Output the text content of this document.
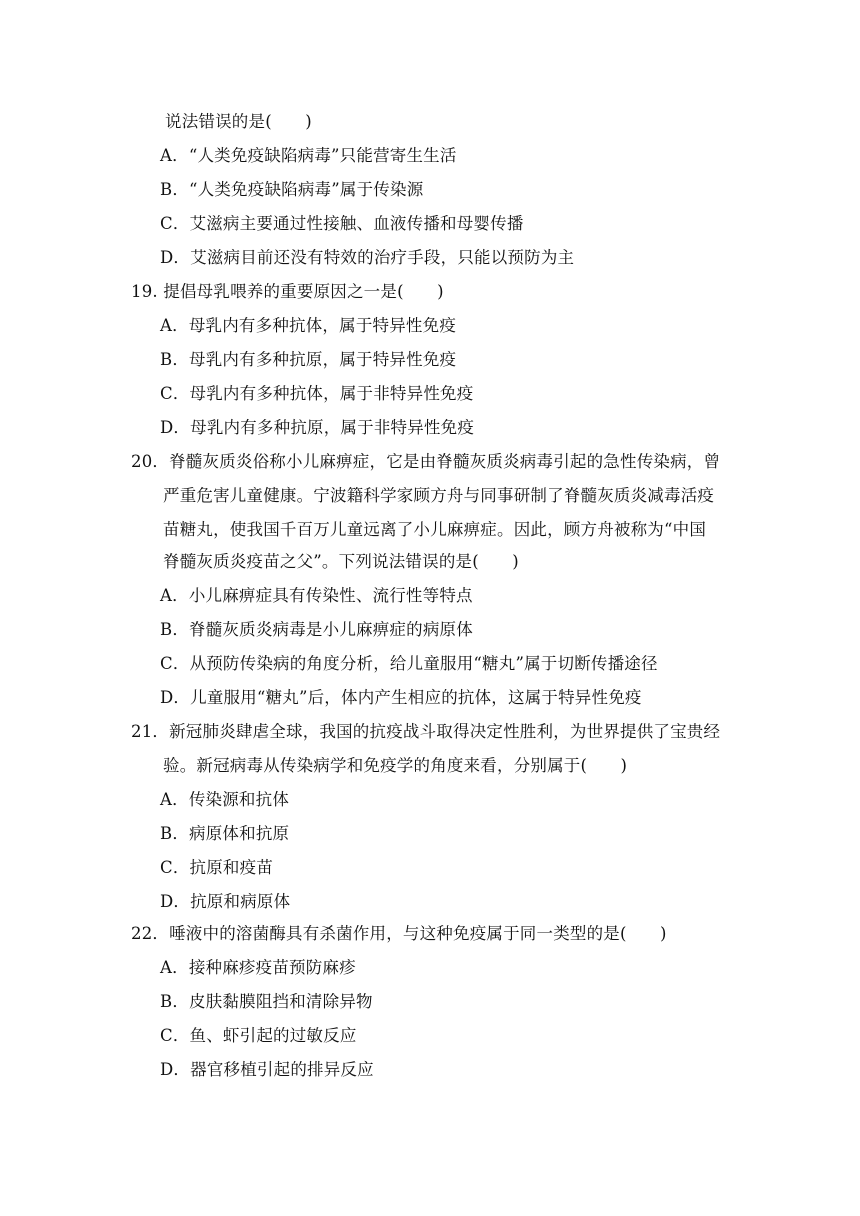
说法错误的是(　　)
A．“人类免疫缺陷病毒”只能营寄生生活
B．“人类免疫缺陷病毒”属于传染源
C．艾滋病主要通过性接触、血液传播和母婴传播
D．艾滋病目前还没有特效的治疗手段，只能以预防为主
19. 提倡母乳喂养的重要原因之一是(　　)
A．母乳内有多种抗体，属于特异性免疫
B．母乳内有多种抗原，属于特异性免疫
C．母乳内有多种抗体，属于非特异性免疫
D．母乳内有多种抗原，属于非特异性免疫
20．脊髓灰质炎俗称小儿麻痹症，它是由脊髓灰质炎病毒引起的急性传染病，曾
严重危害儿童健康。宁波籍科学家顾方舟与同事研制了脊髓灰质炎减毒活疫
苗糖丸，使我国千百万儿童远离了小儿麻痹症。因此，顾方舟被称为“中国
脊髓灰质炎疫苗之父”。下列说法错误的是(　　)
A．小儿麻痹症具有传染性、流行性等特点
B．脊髓灰质炎病毒是小儿麻痹症的病原体
C．从预防传染病的角度分析，给儿童服用“糖丸”属于切断传播途径
D．儿童服用“糖丸”后，体内产生相应的抗体，这属于特异性免疫
21．新冠肺炎肆虐全球，我国的抗疫战斗取得决定性胜利，为世界提供了宝贵经
验。新冠病毒从传染病学和免疫学的角度来看，分别属于(　　)
A．传染源和抗体
B．病原体和抗原
C．抗原和疫苗
D．抗原和病原体
22．唾液中的溶菌酶具有杀菌作用，与这种免疫属于同一类型的是(　　)
A．接种麻疹疫苗预防麻疹
B．皮肤黏膜阻挡和清除异物
C．鱼、虾引起的过敏反应
D．器官移植引起的排异反应
